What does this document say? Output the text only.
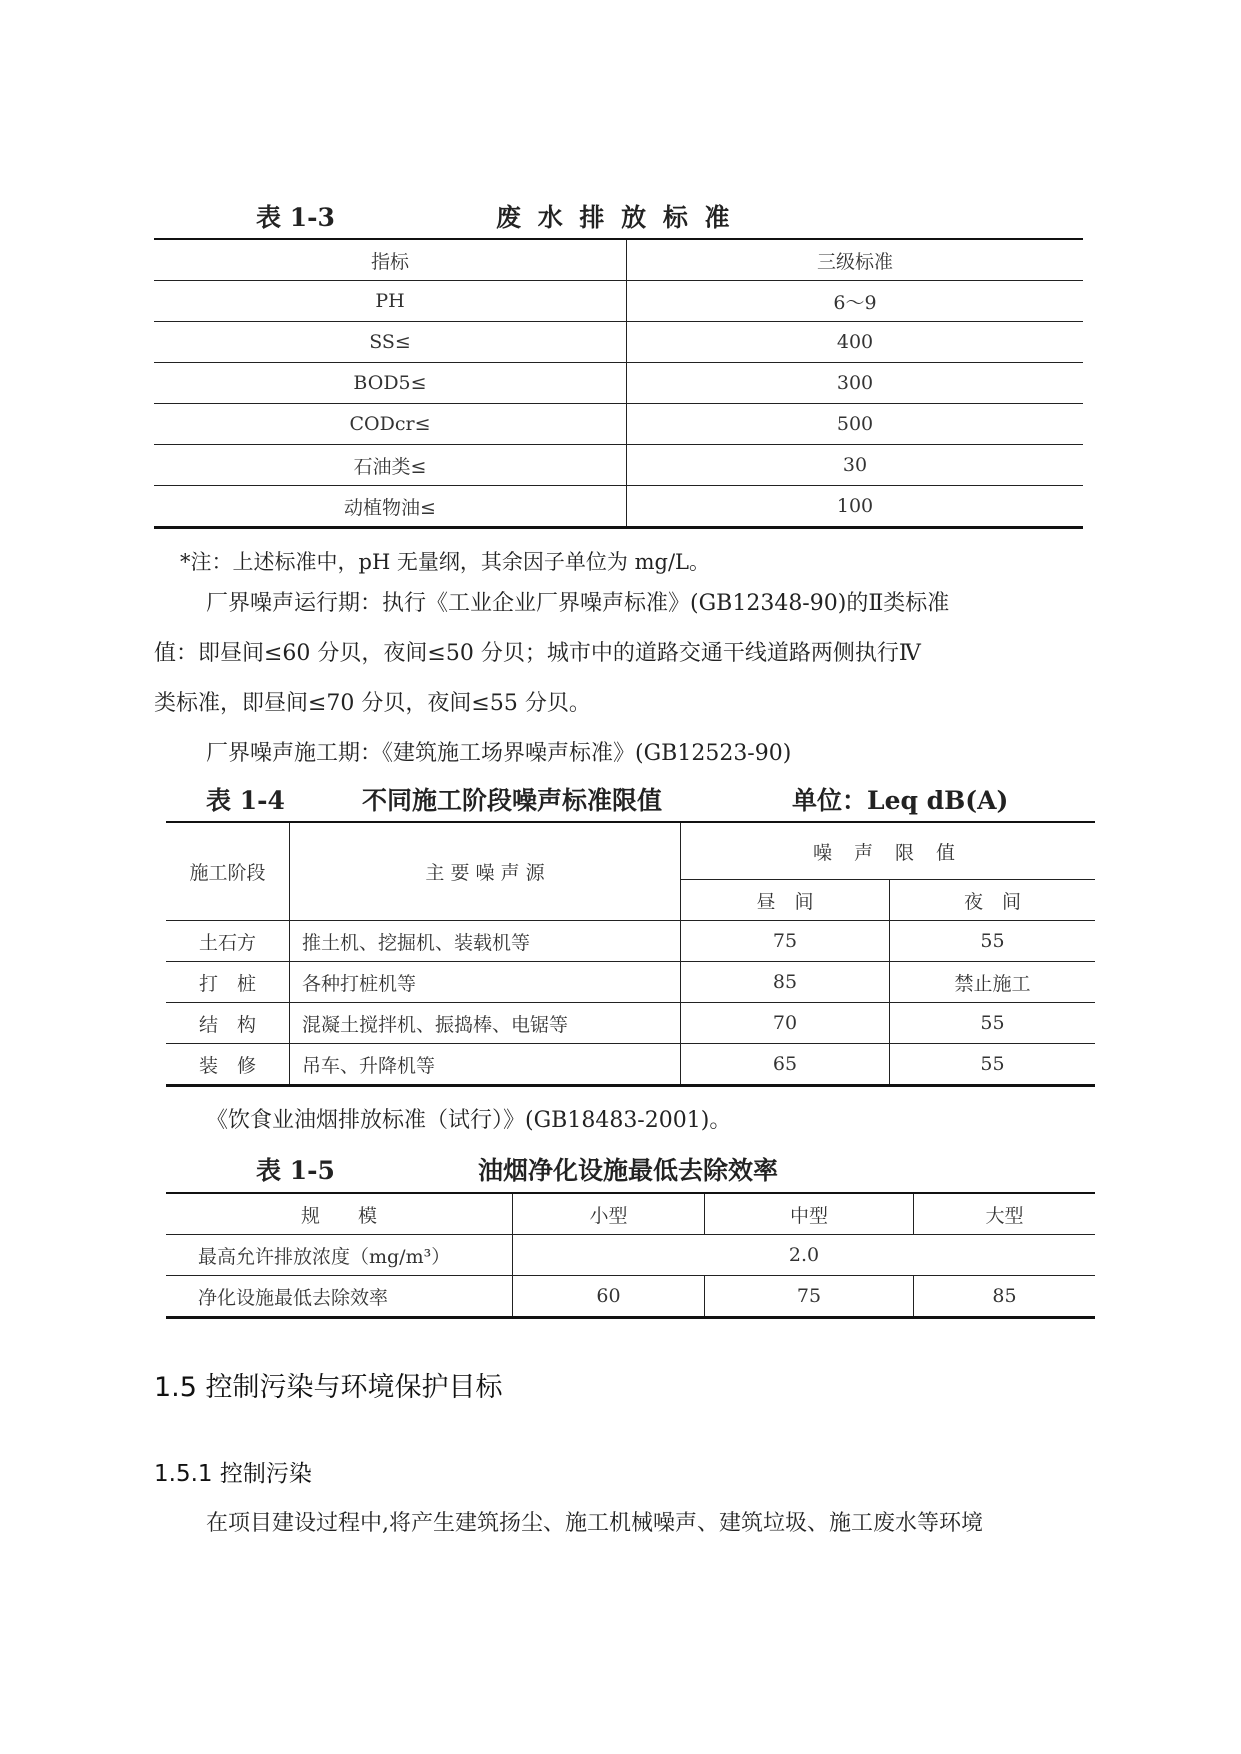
表 1-3	废 水 排 放 标 准
指标	三级标准
PH	6～9
SS≤	400
BOD5≤	300
CODcr≤	500
石油类≤	30
动植物油≤	100
*注：上述标准中，pH 无量纲，其余因子单位为 mg/L。
厂界噪声运行期：执行《工业企业厂界噪声标准》(GB12348-90)的Ⅱ类标准
值：即昼间≤60 分贝，夜间≤50 分贝；城市中的道路交通干线道路两侧执行Ⅳ
类标准，即昼间≤70 分贝，夜间≤55 分贝。
厂界噪声施工期：《建筑施工场界噪声标准》(GB12523-90)
表 1-4	不同施工阶段噪声标准限值	单位：Leq dB(A)
施工阶段	主 要 噪 声 源	噪 声 限 值	
		昼　间	夜　间
土石方	推土机、挖掘机、装载机等	75	55
打　桩	各种打桩机等	85	禁止施工
结　构	混凝土搅拌机、振捣棒、电锯等	70	55
装　修	吊车、升降机等	65	55
《饮食业油烟排放标准（试行）》(GB18483-2001)。
表 1-5	油烟净化设施最低去除效率
规　　模	小型	中型	大型
最高允许排放浓度（mg/m³）	2.0		
净化设施最低去除效率	60	75	85
1.5 控制污染与环境保护目标
1.5.1 控制污染
在项目建设过程中,将产生建筑扬尘、施工机械噪声、建筑垃圾、施工废水等环境
